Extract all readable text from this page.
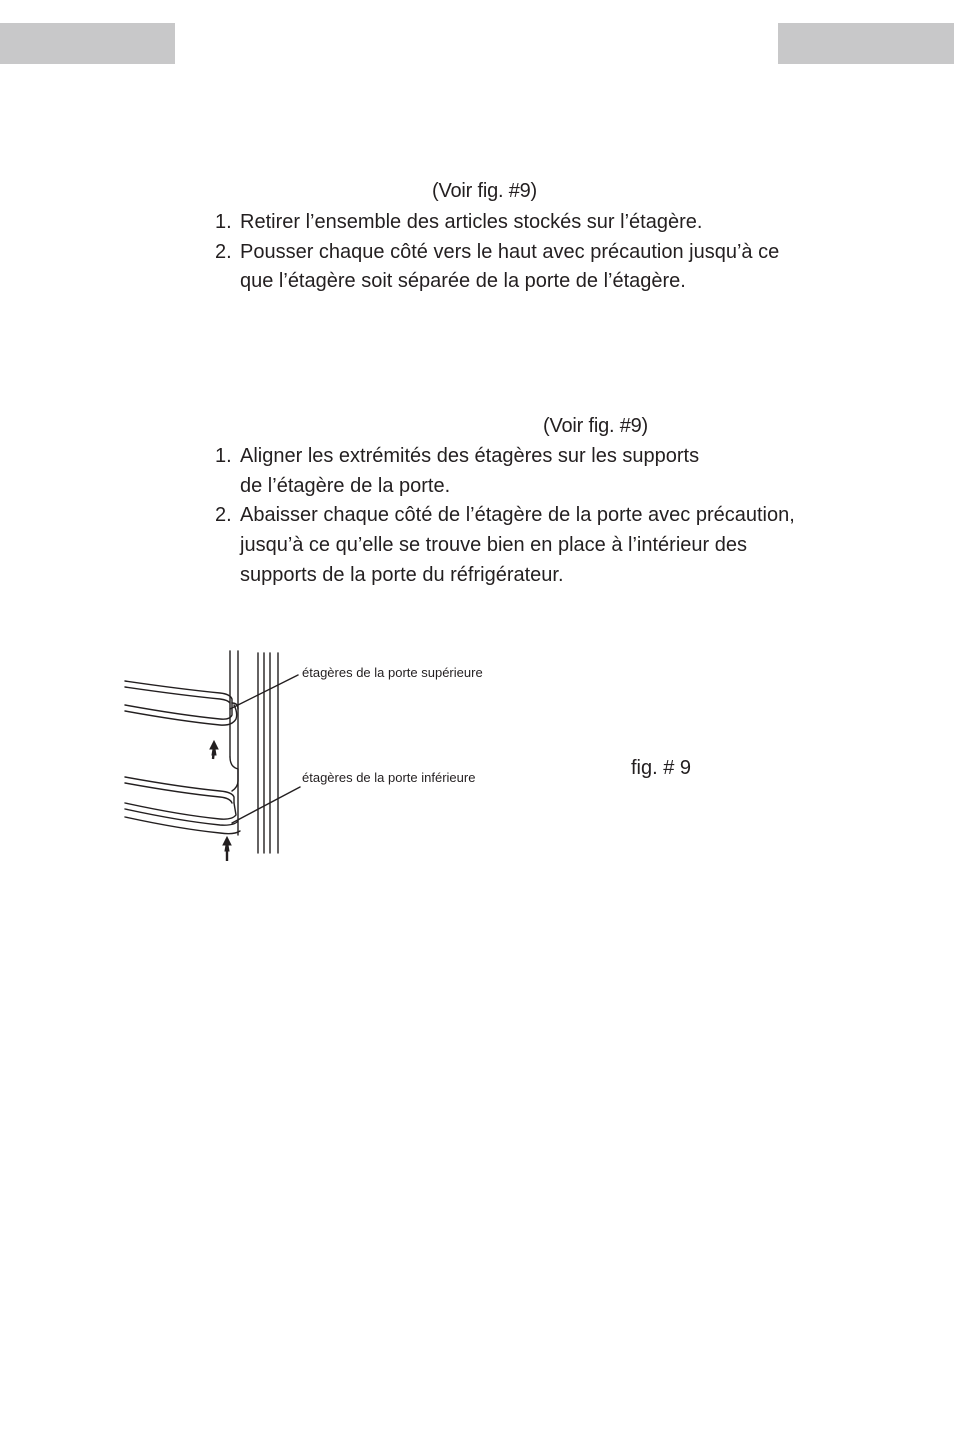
(Voir fig. #9)
1. Retirer l’ensemble des articles stockés sur l’étagère.
2. Pousser chaque côté vers le haut avec précaution jusqu’à ce
que l’étagère soit séparée de la porte de l’étagère.
(Voir fig. #9)
1. Aligner les extrémités des étagères sur les supports
de l’étagère de la porte.
2. Abaisser chaque côté de l’étagère de la porte avec précaution,
jusqu’à ce qu’elle se trouve bien en place à l’intérieur des
supports de la porte du réfrigérateur.
étagères de la porte supérieure
étagères de la porte inférieure	fig. # 9
